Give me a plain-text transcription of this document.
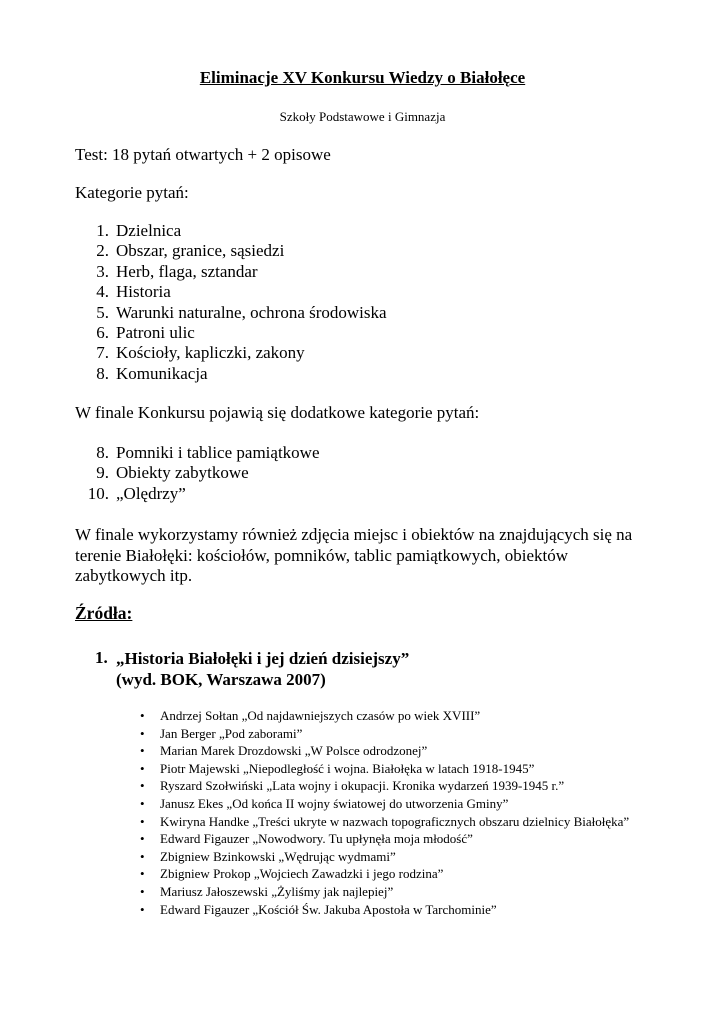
Eliminacje XV Konkursu Wiedzy o Białołęce
Szkoły Podstawowe i Gimnazja
Test: 18 pytań otwartych + 2 opisowe
Kategorie pytań:
1. Dzielnica
2. Obszar, granice, sąsiedzi
3. Herb, flaga, sztandar
4. Historia
5. Warunki naturalne, ochrona środowiska
6. Patroni ulic
7. Kościoły, kapliczki, zakony
8. Komunikacja
W finale Konkursu pojawią się dodatkowe kategorie pytań:
8. Pomniki i tablice pamiątkowe
9. Obiekty zabytkowe
10. „Olędrzy”
W finale wykorzystamy również zdjęcia miejsc i obiektów na znajdujących się na terenie Białołęki: kościołów, pomników, tablic pamiątkowych, obiektów zabytkowych itp.
Źródła:
1. „Historia Białołęki i jej dzień dzisiejszy”
(wyd. BOK, Warszawa 2007)
• Andrzej Sołtan „Od najdawniejszych czasów po wiek XVIII”
• Jan Berger „Pod zaborami”
• Marian Marek Drozdowski „W Polsce odrodzonej”
• Piotr Majewski „Niepodległość i wojna. Białołęka w latach 1918-1945”
• Ryszard Szołwiński „Lata wojny i okupacji. Kronika wydarzeń 1939-1945 r.”
• Janusz Ekes „Od końca II wojny światowej do utworzenia Gminy”
• Kwiryna Handke „Treści ukryte w nazwach topograficznych obszaru dzielnicy Białołęka”
• Edward Figauzer „Nowodwory. Tu upłynęła moja młodość”
• Zbigniew Bzinkowski „Wędrując wydmami”
• Zbigniew Prokop „Wojciech Zawadzki i jego rodzina”
• Mariusz Jałoszewski „Żyliśmy jak najlepiej”
• Edward Figauzer „Kościół Św. Jakuba Apostoła w Tarchominie”
